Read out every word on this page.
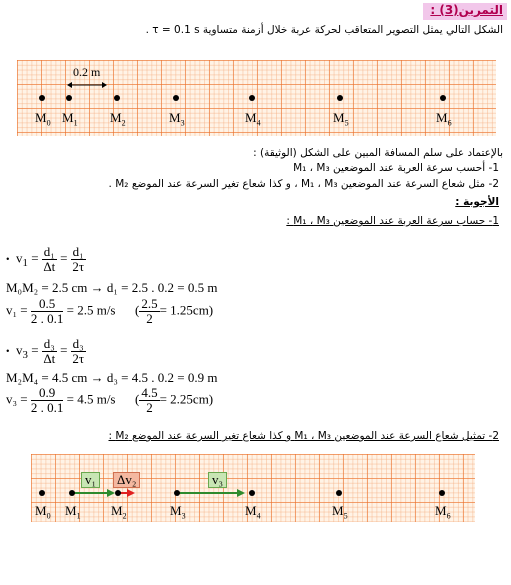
التمرين(3) :
الشكل التالي يمثل التصوير المتعاقب لحركة عربة خلال أزمنة متساوية τ = 0.1 s .
0.2 m
$M_0$ $M_1$ $M_2$	$M_3$	$M_4$	$M_5$	$M_6$
بالإعتماد على سلم المسافة المبين على الشكل (الوثيقة) :
1- أحسب سرعة العربة عند الموضعين M₁ ، M₃
2- مثل شعاع السرعة عند الموضعين M₁ ، M₃ ، و كذا شعاع تغير السرعة عند الموضع M₂ .
الأجوبة :
1- حساب سرعة العربة عند الموضعين M₁ ، M₃ :
• $v_1 = \frac{\text{d₁}}{\Delta t} = \frac{\text{d₁}}{2\tau}$
M₀M₂ = 2.5 cm → d₁ = 2.5 . 0.2 = 0.5 m
$v_1 = \frac{0.5}{2 . 0.1} = 2.5$ m/s      ( $\frac{2.5}{2} = 1.25cm$)
• $v_3 = \frac{\text{d₃}}{\Delta t} = \frac{\text{d₃}}{2\tau}$
M₂M₄ = 4.5 cm → d₃ = 4.5 . 0.2 = 0.9 m
$v_3 = \frac{0.9}{2 . 0.1} = 4.5$ m/s      ( $\frac{4.5}{2} = 2.25cm$)
2- تمثيل شعاع السرعة عند الموضعين M₁ ، M₃ و كذا شعاع تغير السرعة عند الموضع M₂ :
v₁	Δv₂	v₃
$M_0$ $M_1$ $M_2$	$M_3$	$M_4$	$M_5$	$M_6$
